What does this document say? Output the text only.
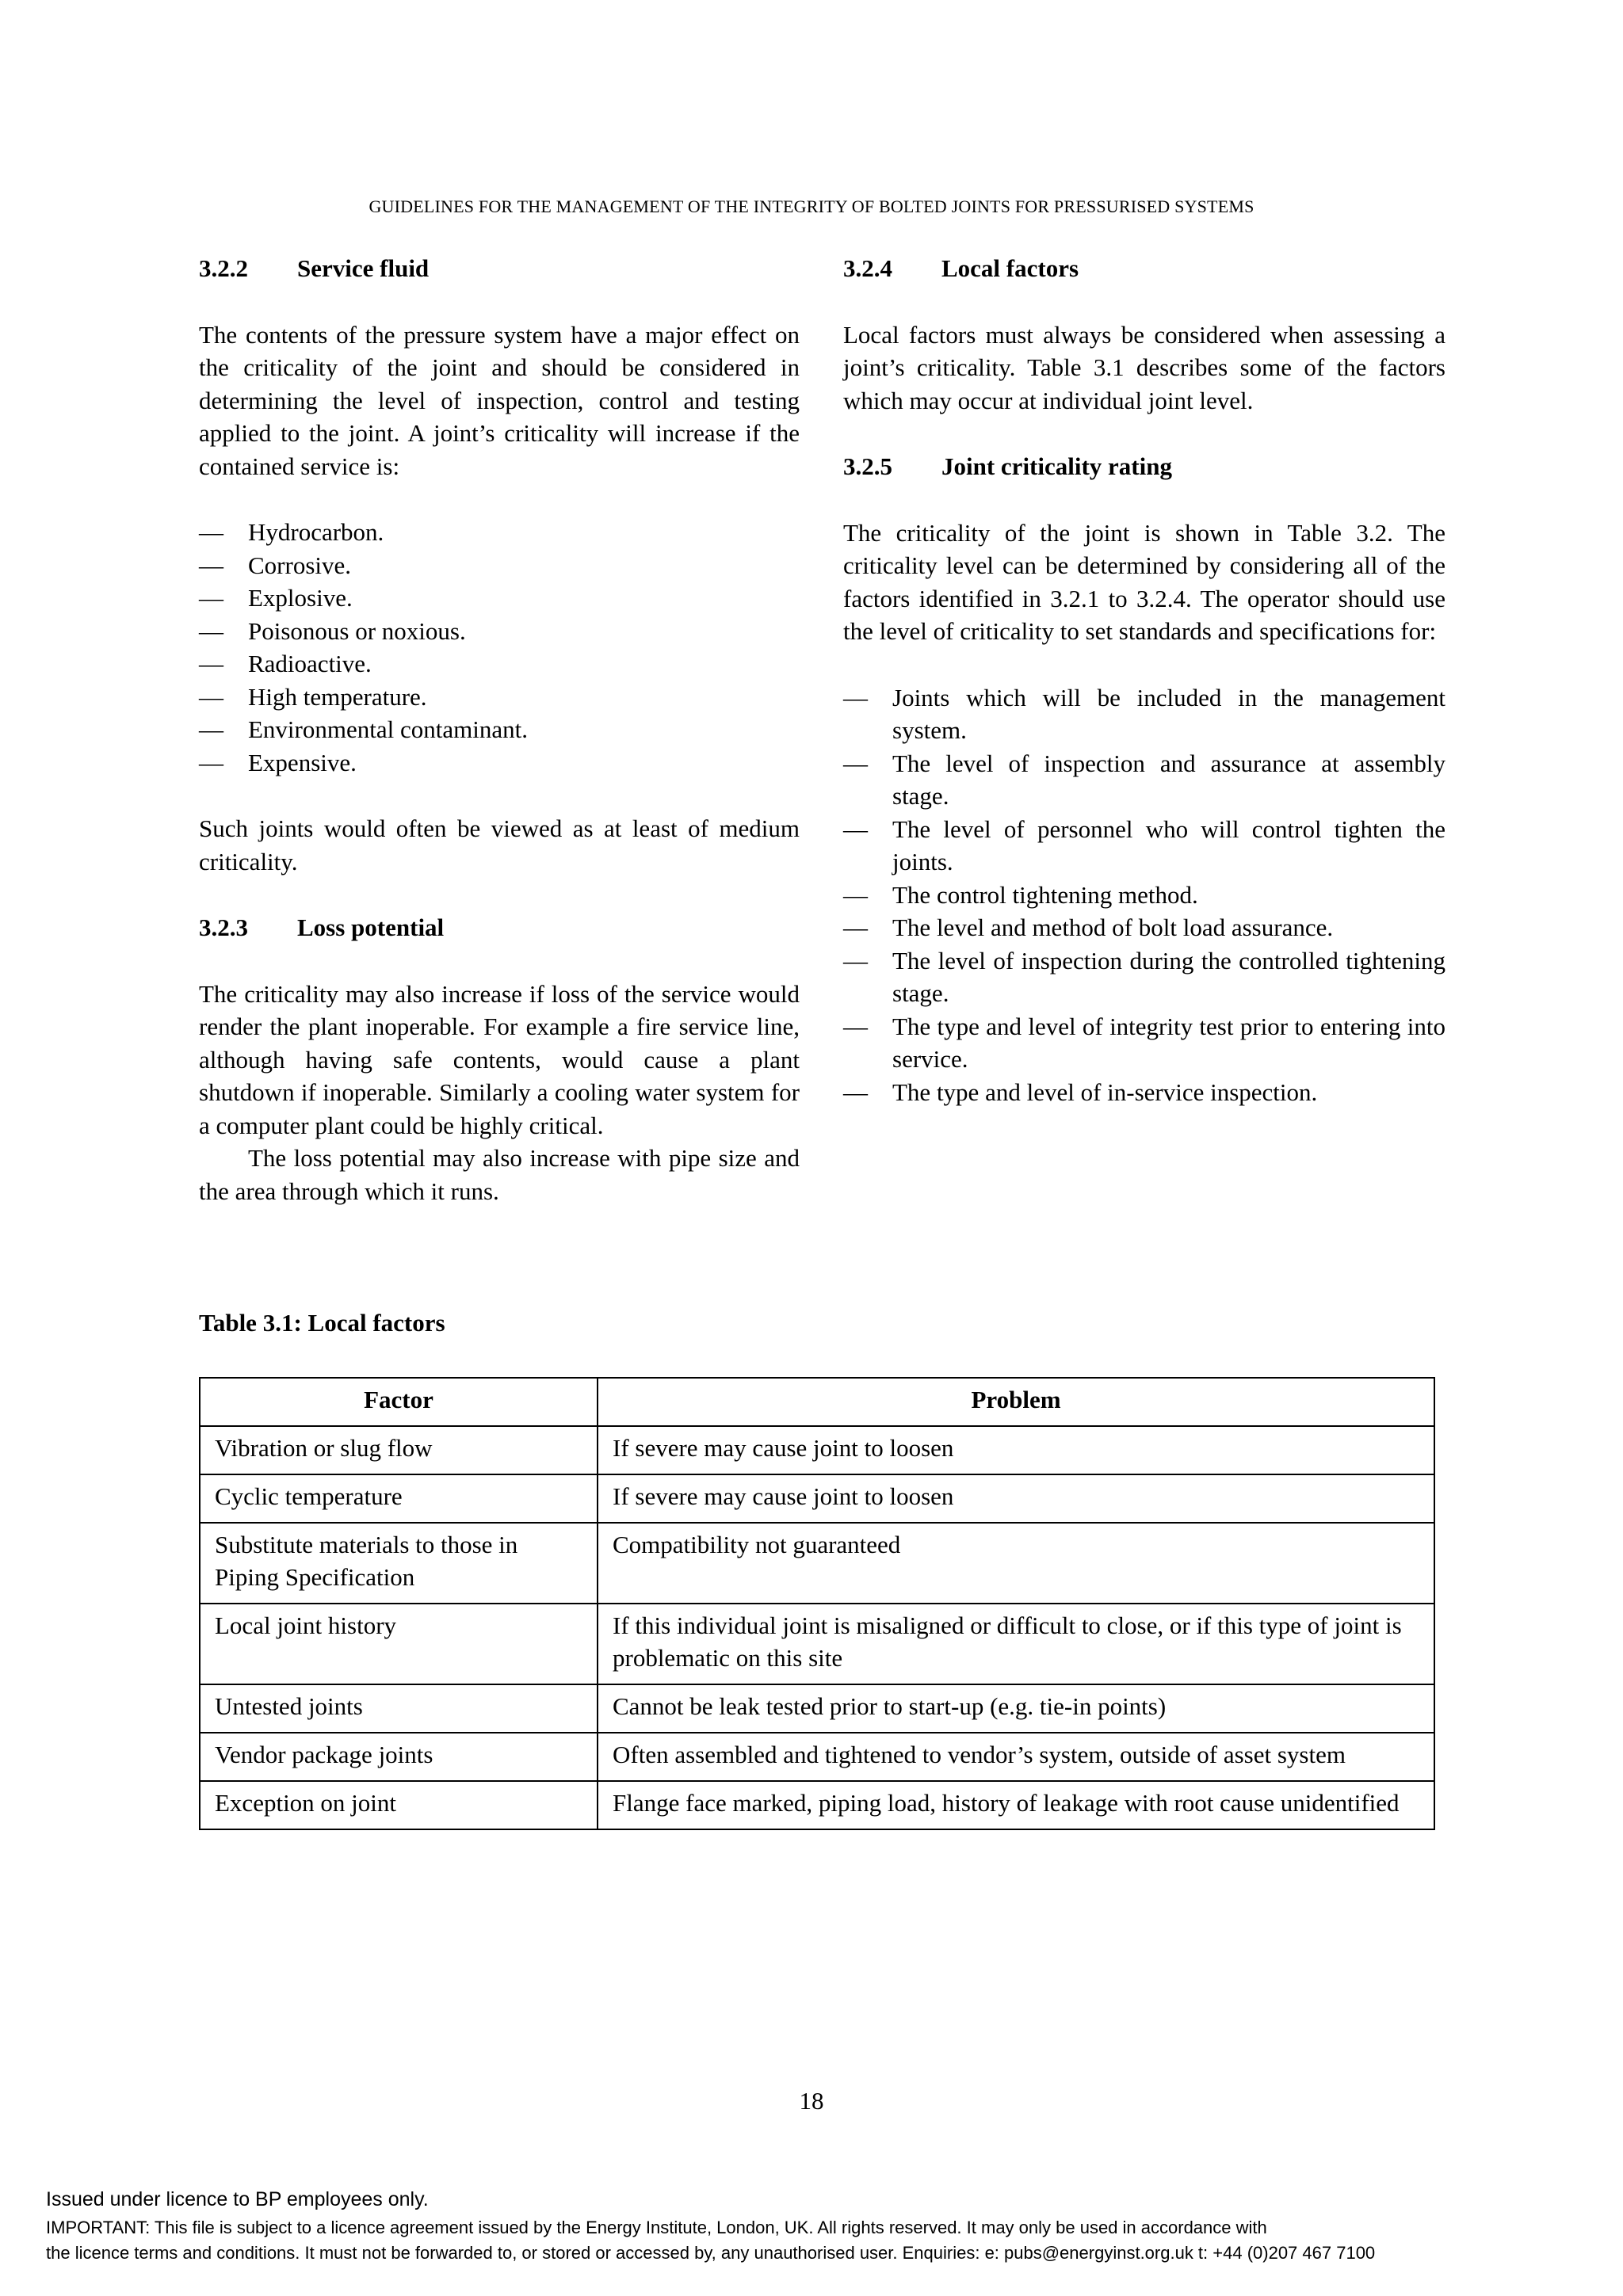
GUIDELINES FOR THE MANAGEMENT OF THE INTEGRITY OF BOLTED JOINTS FOR PRESSURISED SYSTEMS
3.2.2 Service fluid

The contents of the pressure system have a major effect on the criticality of the joint and should be considered in determining the level of inspection, control and testing applied to the joint. A joint’s criticality will increase if the contained service is:

— Hydrocarbon.
— Corrosive.
— Explosive.
— Poisonous or noxious.
— Radioactive.
— High temperature.
— Environmental contaminant.
— Expensive.

Such joints would often be viewed as at least of medium criticality.

3.2.3 Loss potential

The criticality may also increase if loss of the service would render the plant inoperable. For example a fire service line, although having safe contents, would cause a plant shutdown if inoperable. Similarly a cooling water system for a computer plant could be highly critical.

The loss potential may also increase with pipe size and the area through which it runs.

3.2.4 Local factors

Local factors must always be considered when assessing a joint’s criticality. Table 3.1 describes some of the factors which may occur at individual joint level.

3.2.5 Joint criticality rating

The criticality of the joint is shown in Table 3.2. The criticality level can be determined by considering all of the factors identified in 3.2.1 to 3.2.4. The operator should use the level of criticality to set standards and specifications for:

— Joints which will be included in the management system.
— The level of inspection and assurance at assembly stage.
— The level of personnel who will control tighten the joints.
— The control tightening method.
— The level and method of bolt load assurance.
— The level of inspection during the controlled tightening stage.
— The type and level of integrity test prior to entering into service.
— The type and level of in-service inspection.
Table 3.1: Local factors
Factor	Problem
Vibration or slug flow	If severe may cause joint to loosen
Cyclic temperature	If severe may cause joint to loosen
Substitute materials to those in Piping Specification	Compatibility not guaranteed
Local joint history	If this individual joint is misaligned or difficult to close, or if this type of joint is problematic on this site
Untested joints	Cannot be leak tested prior to start-up (e.g. tie-in points)
Vendor package joints	Often assembled and tightened to vendor’s system, outside of asset system
Exception on joint	Flange face marked, piping load, history of leakage with root cause unidentified
18
Issued under licence to BP employees only.
IMPORTANT: This file is subject to a licence agreement issued by the Energy Institute, London, UK. All rights reserved. It may only be used in accordance with
the licence terms and conditions. It must not be forwarded to, or stored or accessed by, any unauthorised user. Enquiries: e: pubs@energyinst.org.uk t: +44 (0)207 467 7100
